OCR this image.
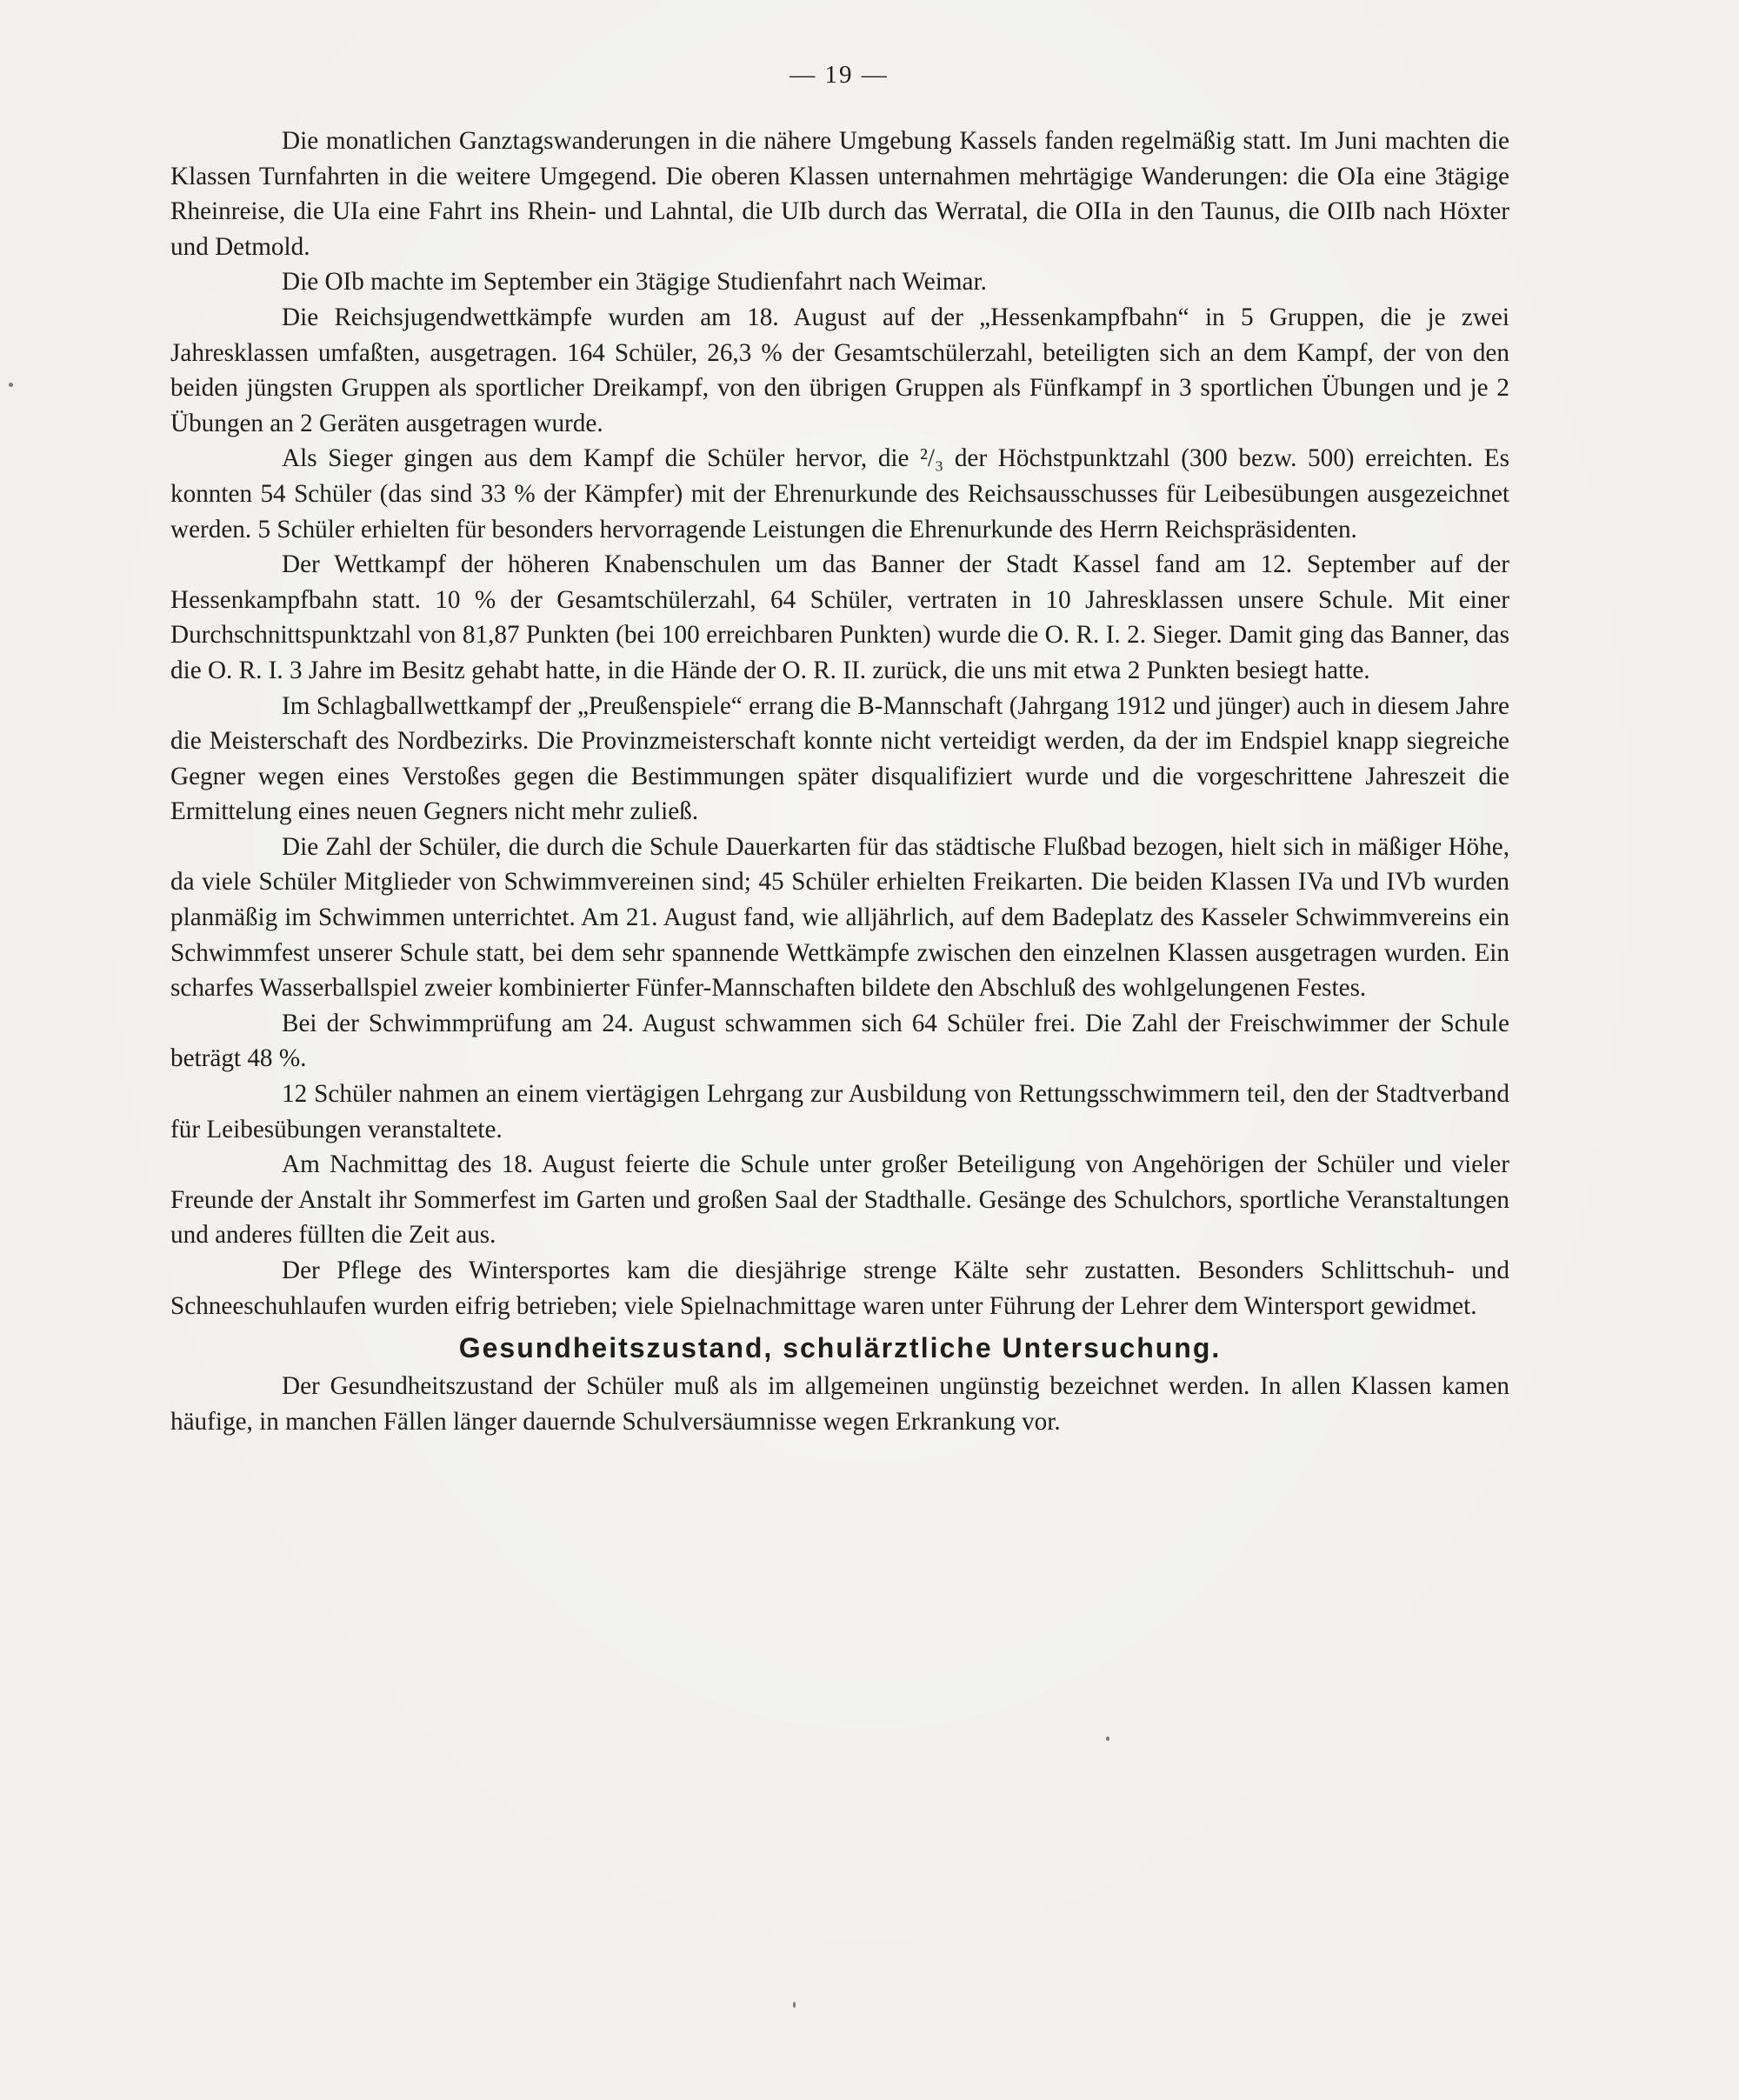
— 19 —

Die monatlichen Ganztagswanderungen in die nähere Umgebung Kassels fanden regelmäßig statt. Im Juni machten die Klassen Turnfahrten in die weitere Umgegend. Die oberen Klassen unternahmen mehrtägige Wanderungen: die OIa eine 3tägige Rheinreise, die UIa eine Fahrt ins Rhein- und Lahntal, die UIb durch das Werratal, die OIIa in den Taunus, die OIIb nach Höxter und Detmold.

Die OIb machte im September ein 3tägige Studienfahrt nach Weimar.

Die Reichsjugendwettkämpfe wurden am 18. August auf der „Hessenkampfbahn“ in 5 Gruppen, die je zwei Jahresklassen umfaßten, ausgetragen. 164 Schüler, 26,3 % der Gesamtschülerzahl, beteiligten sich an dem Kampf, der von den beiden jüngsten Gruppen als sportlicher Dreikampf, von den übrigen Gruppen als Fünfkampf in 3 sportlichen Übungen und je 2 Übungen an 2 Geräten ausgetragen wurde.

Als Sieger gingen aus dem Kampf die Schüler hervor, die ²/₃ der Höchstpunktzahl (300 bezw. 500) erreichten. Es konnten 54 Schüler (das sind 33 % der Kämpfer) mit der Ehrenurkunde des Reichsausschusses für Leibesübungen ausgezeichnet werden. 5 Schüler erhielten für besonders hervorragende Leistungen die Ehrenurkunde des Herrn Reichspräsidenten.

Der Wettkampf der höheren Knabenschulen um das Banner der Stadt Kassel fand am 12. September auf der Hessenkampfbahn statt. 10 % der Gesamtschülerzahl, 64 Schüler, vertraten in 10 Jahresklassen unsere Schule. Mit einer Durchschnittspunktzahl von 81,87 Punkten (bei 100 erreichbaren Punkten) wurde die O. R. I. 2. Sieger. Damit ging das Banner, das die O. R. I. 3 Jahre im Besitz gehabt hatte, in die Hände der O. R. II. zurück, die uns mit etwa 2 Punkten besiegt hatte.

Im Schlagballwettkampf der „Preußenspiele“ errang die B-Mannschaft (Jahrgang 1912 und jünger) auch in diesem Jahre die Meisterschaft des Nordbezirks. Die Provinzmeisterschaft konnte nicht verteidigt werden, da der im Endspiel knapp siegreiche Gegner wegen eines Verstoßes gegen die Bestimmungen später disqualifiziert wurde und die vorgeschrittene Jahreszeit die Ermittelung eines neuen Gegners nicht mehr zuließ.

Die Zahl der Schüler, die durch die Schule Dauerkarten für das städtische Flußbad bezogen, hielt sich in mäßiger Höhe, da viele Schüler Mitglieder von Schwimmvereinen sind; 45 Schüler erhielten Freikarten. Die beiden Klassen IVa und IVb wurden planmäßig im Schwimmen unterrichtet. Am 21. August fand, wie alljährlich, auf dem Badeplatz des Kasseler Schwimmvereins ein Schwimmfest unserer Schule statt, bei dem sehr spannende Wettkämpfe zwischen den einzelnen Klassen ausgetragen wurden. Ein scharfes Wasserballspiel zweier kombinierter Fünfer-Mannschaften bildete den Abschluß des wohlgelungenen Festes.

Bei der Schwimmprüfung am 24. August schwammen sich 64 Schüler frei. Die Zahl der Freischwimmer der Schule beträgt 48 %.

12 Schüler nahmen an einem viertägigen Lehrgang zur Ausbildung von Rettungsschwimmern teil, den der Stadtverband für Leibesübungen veranstaltete.

Am Nachmittag des 18. August feierte die Schule unter großer Beteiligung von Angehörigen der Schüler und vieler Freunde der Anstalt ihr Sommerfest im Garten und großen Saal der Stadthalle. Gesänge des Schulchors, sportliche Veranstaltungen und anderes füllten die Zeit aus.

Der Pflege des Wintersportes kam die diesjährige strenge Kälte sehr zustatten. Besonders Schlittschuh- und Schneeschuhlaufen wurden eifrig betrieben; viele Spielnachmittage waren unter Führung der Lehrer dem Wintersport gewidmet.

Gesundheitszustand, schulärztliche Untersuchung.

Der Gesundheitszustand der Schüler muß als im allgemeinen ungünstig bezeichnet werden. In allen Klassen kamen häufige, in manchen Fällen länger dauernde Schulversäumnisse wegen Erkrankung vor.
